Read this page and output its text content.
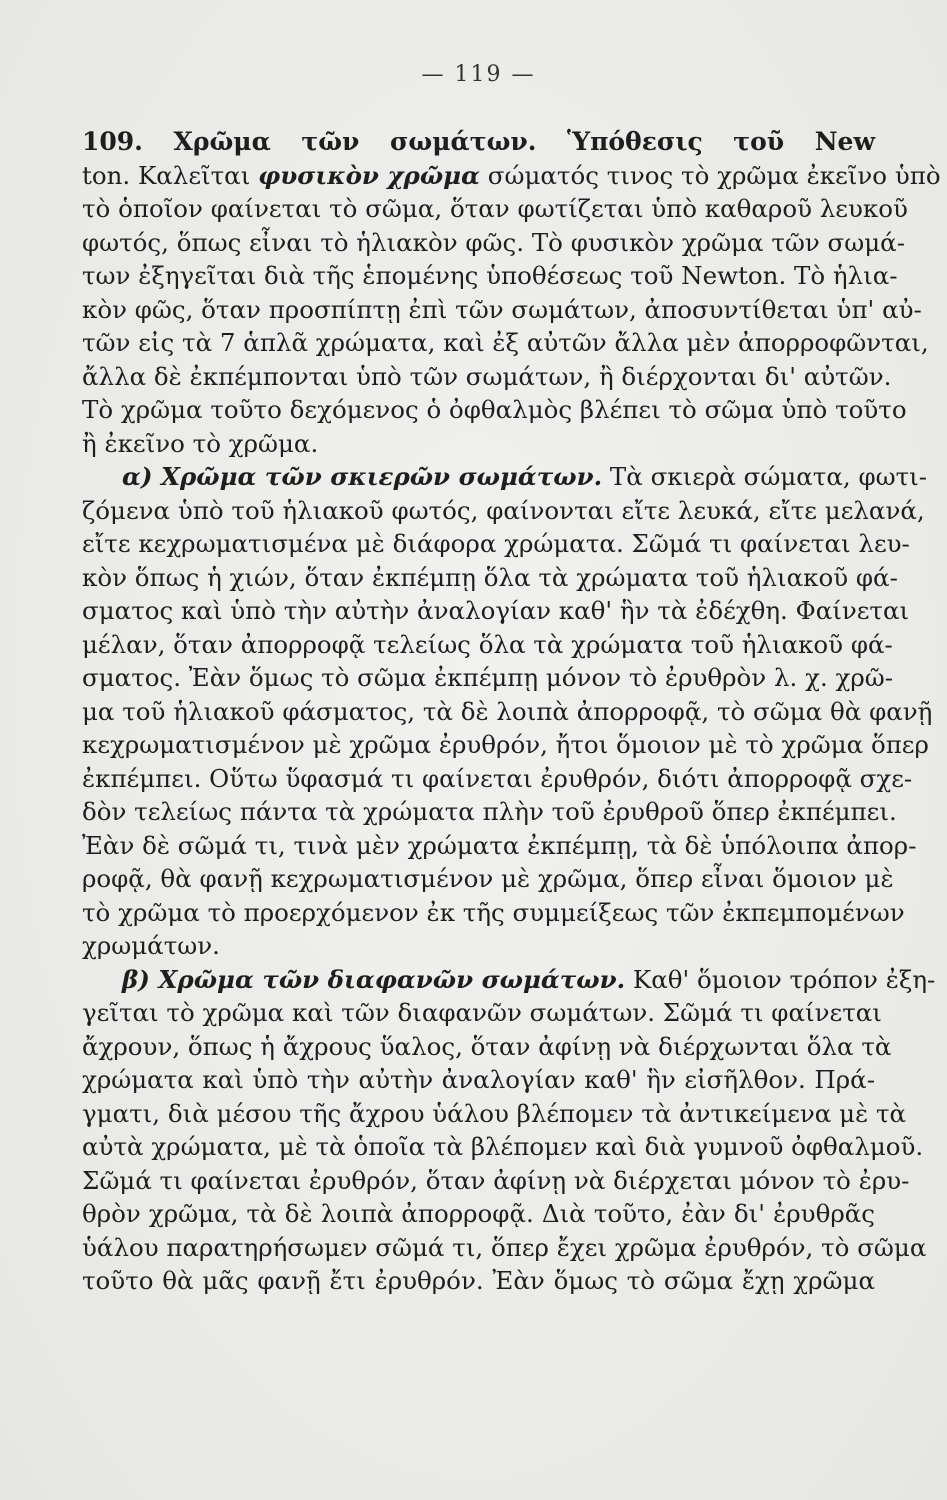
— 119 —
109. Χρῶμα τῶν σωμάτων. Ὑπόθεσις τοῦ New
ton. Καλεῖται φυσικὸν χρῶμα σώματός τινος τὸ χρῶμα ἐκεῖνο ὑπὸ
τὸ ὁποῖον φαίνεται τὸ σῶμα, ὅταν φωτίζεται ὑπὸ καθαροῦ λευκοῦ
φωτός, ὅπως εἶναι τὸ ἡλιακὸν φῶς. Τὸ φυσικὸν χρῶμα τῶν σωμά-
των ἐξηγεῖται διὰ τῆς ἑπομένης ὑποθέσεως τοῦ Newton. Τὸ ἡλια-
κὸν φῶς, ὅταν προσπίπτῃ ἐπὶ τῶν σωμάτων, ἀποσυντίθεται ὑπ' αὐ-
τῶν εἰς τὰ 7 ἁπλᾶ χρώματα, καὶ ἐξ αὐτῶν ἄλλα μὲν ἀπορροφῶνται,
ἄλλα δὲ ἐκπέμπονται ὑπὸ τῶν σωμάτων, ἢ διέρχονται δι' αὐτῶν.
Τὸ χρῶμα τοῦτο δεχόμενος ὁ ὀφθαλμὸς βλέπει τὸ σῶμα ὑπὸ τοῦτο
ἢ ἐκεῖνο τὸ χρῶμα.
α) Χρῶμα τῶν σκιερῶν σωμάτων. Τὰ σκιερὰ σώματα, φωτι-
ζόμενα ὑπὸ τοῦ ἡλιακοῦ φωτός, φαίνονται εἴτε λευκά, εἴτε μελανά,
εἴτε κεχρωματισμένα μὲ διάφορα χρώματα. Σῶμά τι φαίνεται λευ-
κὸν ὅπως ἡ χιών, ὅταν ἐκπέμπῃ ὅλα τὰ χρώματα τοῦ ἡλιακοῦ φά-
σματος καὶ ὑπὸ τὴν αὐτὴν ἀναλογίαν καθ' ἣν τὰ ἐδέχθη. Φαίνεται
μέλαν, ὅταν ἀπορροφᾷ τελείως ὅλα τὰ χρώματα τοῦ ἡλιακοῦ φά-
σματος. Ἐὰν ὅμως τὸ σῶμα ἐκπέμπῃ μόνον τὸ ἐρυθρὸν λ. χ. χρῶ-
μα τοῦ ἡλιακοῦ φάσματος, τὰ δὲ λοιπὰ ἀπορροφᾷ, τὸ σῶμα θὰ φανῇ
κεχρωματισμένον μὲ χρῶμα ἐρυθρόν, ἤτοι ὅμοιον μὲ τὸ χρῶμα ὅπερ
ἐκπέμπει. Οὕτω ὕφασμά τι φαίνεται ἐρυθρόν, διότι ἀπορροφᾷ σχε-
δὸν τελείως πάντα τὰ χρώματα πλὴν τοῦ ἐρυθροῦ ὅπερ ἐκπέμπει.
Ἐὰν δὲ σῶμά τι, τινὰ μὲν χρώματα ἐκπέμπῃ, τὰ δὲ ὑπόλοιπα ἀπορ-
ροφᾷ, θὰ φανῇ κεχρωματισμένον μὲ χρῶμα, ὅπερ εἶναι ὅμοιον μὲ
τὸ χρῶμα τὸ προερχόμενον ἐκ τῆς συμμείξεως τῶν ἐκπεμπομένων
χρωμάτων.
β) Χρῶμα τῶν διαφανῶν σωμάτων. Καθ' ὅμοιον τρόπον ἐξη-
γεῖται τὸ χρῶμα καὶ τῶν διαφανῶν σωμάτων. Σῶμά τι φαίνεται
ἄχρουν, ὅπως ἡ ἄχρους ὕαλος, ὅταν ἀφίνῃ νὰ διέρχωνται ὅλα τὰ
χρώματα καὶ ὑπὸ τὴν αὐτὴν ἀναλογίαν καθ' ἣν εἰσῆλθον. Πρά-
γματι, διὰ μέσου τῆς ἄχρου ὑάλου βλέπομεν τὰ ἀντικείμενα μὲ τὰ
αὐτὰ χρώματα, μὲ τὰ ὁποῖα τὰ βλέπομεν καὶ διὰ γυμνοῦ ὀφθαλμοῦ.
Σῶμά τι φαίνεται ἐρυθρόν, ὅταν ἀφίνῃ νὰ διέρχεται μόνον τὸ ἐρυ-
θρὸν χρῶμα, τὰ δὲ λοιπὰ ἀπορροφᾷ. Διὰ τοῦτο, ἐὰν δι' ἐρυθρᾶς
ὑάλου παρατηρήσωμεν σῶμά τι, ὅπερ ἔχει χρῶμα ἐρυθρόν, τὸ σῶμα
τοῦτο θὰ μᾶς φανῇ ἔτι ἐρυθρόν. Ἐὰν ὅμως τὸ σῶμα ἔχῃ χρῶμα
